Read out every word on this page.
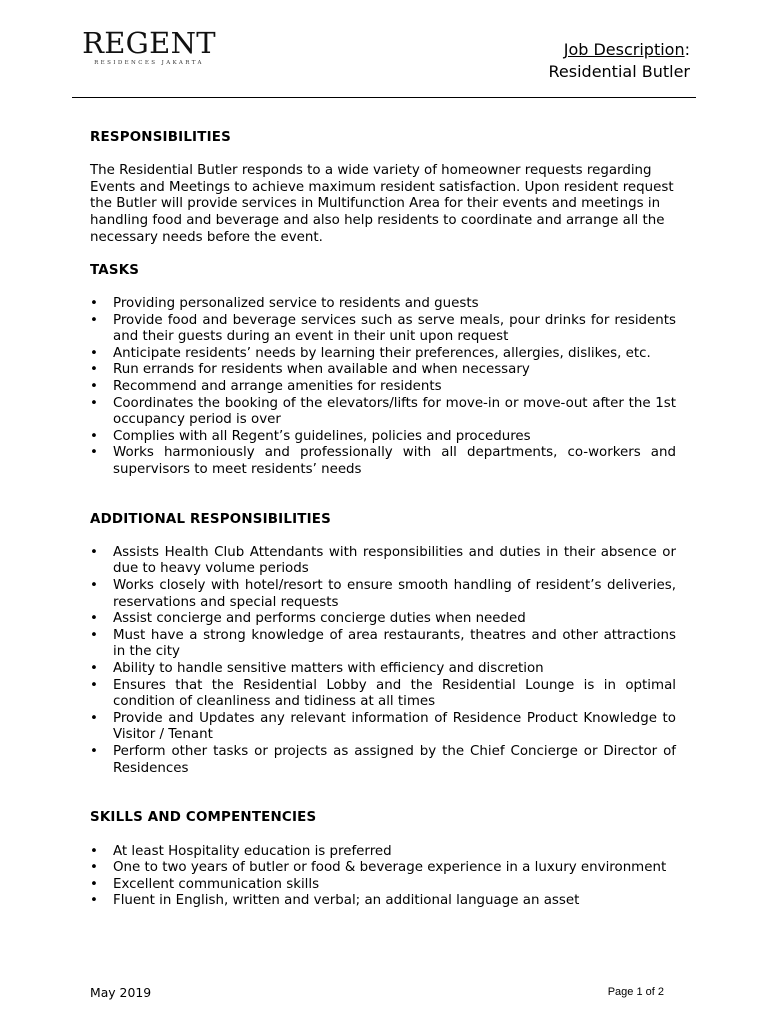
REGENT
RESIDENCES JAKARTA
Job Description:
Residential Butler
RESPONSIBILITIES

The Residential Butler responds to a wide variety of homeowner requests regarding Events and Meetings to achieve maximum resident satisfaction. Upon resident request the Butler will provide services in Multifunction Area for their events and meetings in handling food and beverage and also help residents to coordinate and arrange all the necessary needs before the event.

TASKS
• Providing personalized service to residents and guests
• Provide food and beverage services such as serve meals, pour drinks for residents and their guests during an event in their unit upon request
• Anticipate residents’ needs by learning their preferences, allergies, dislikes, etc.
• Run errands for residents when available and when necessary
• Recommend and arrange amenities for residents
• Coordinates the booking of the elevators/lifts for move-in or move-out after the 1st occupancy period is over
• Complies with all Regent’s guidelines, policies and procedures
• Works harmoniously and professionally with all departments, co-workers and supervisors to meet residents’ needs
ADDITIONAL RESPONSIBILITIES
• Assists Health Club Attendants with responsibilities and duties in their absence or due to heavy volume periods
• Works closely with hotel/resort to ensure smooth handling of resident’s deliveries, reservations and special requests
• Assist concierge and performs concierge duties when needed
• Must have a strong knowledge of area restaurants, theatres and other attractions in the city
• Ability to handle sensitive matters with efficiency and discretion
• Ensures that the Residential Lobby and the Residential Lounge is in optimal condition of cleanliness and tidiness at all times
• Provide and Updates any relevant information of Residence Product Knowledge to Visitor / Tenant
• Perform other tasks or projects as assigned by the Chief Concierge or Director of Residences
SKILLS AND COMPENTENCIES
• At least Hospitality education is preferred
• One to two years of butler or food & beverage experience in a luxury environment
• Excellent communication skills
• Fluent in English, written and verbal; an additional language an asset
May 2019	Page 1 of 2
